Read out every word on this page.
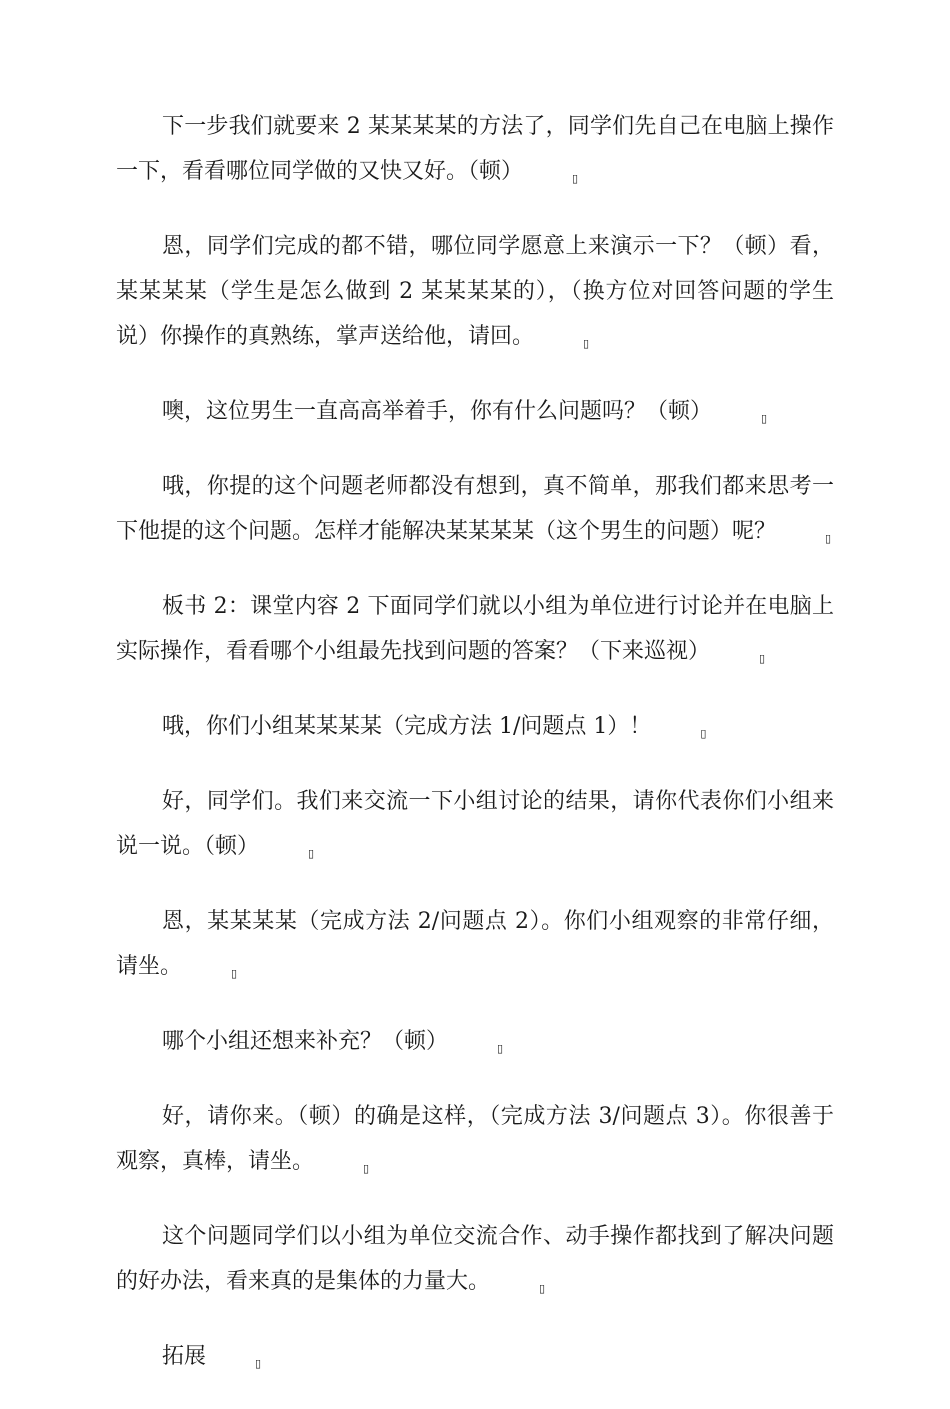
下一步我们就要来 2 某某某某的方法了，同学们先自己在电脑上操作一下，看看哪位同学做的又快又好。（顿）	▯

恩，同学们完成的都不错，哪位同学愿意上来演示一下？（顿）看，某某某某（学生是怎么做到 2 某某某某的），（换方位对回答问题的学生说）你操作的真熟练，掌声送给他，请回。	▯

噢，这位男生一直高高举着手，你有什么问题吗？（顿）	▯

哦，你提的这个问题老师都没有想到，真不简单，那我们都来思考一下他提的这个问题。怎样才能解决某某某某（这个男生的问题）呢？	▯

板书 2：课堂内容 2 下面同学们就以小组为单位进行讨论并在电脑上实际操作，看看哪个小组最先找到问题的答案？（下来巡视）	▯

哦，你们小组某某某某（完成方法 1/问题点 1）！	▯

好，同学们。我们来交流一下小组讨论的结果，请你代表你们小组来说一说。（顿）	▯

恩，某某某某（完成方法 2/问题点 2）。你们小组观察的非常仔细，请坐。	▯

哪个小组还想来补充？（顿）	▯

好，请你来。（顿）的确是这样，（完成方法 3/问题点 3）。你很善于观察，真棒，请坐。	▯

这个问题同学们以小组为单位交流合作、动手操作都找到了解决问题的好办法，看来真的是集体的力量大。	▯

拓展	▯
